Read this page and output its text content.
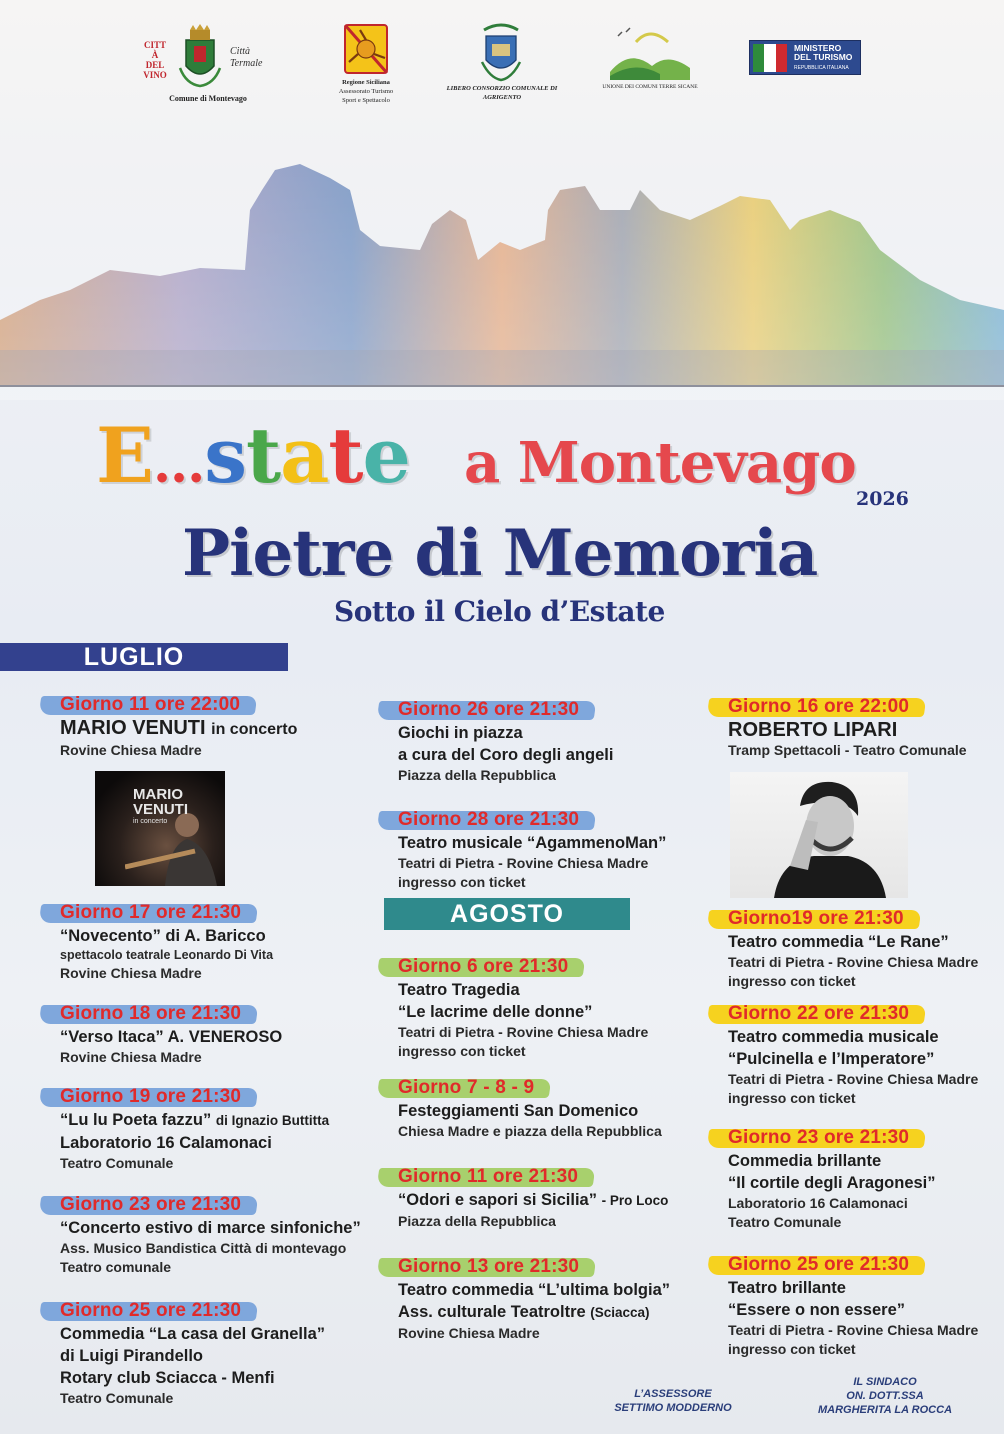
CITTÀ DEL VINO
Città Termale
Comune di Montevago
Regione Siciliana
Assessorato Turismo
Sport e Spettacolo
LIBERO CONSORZIO COMUNALE DI
AGRIGENTO
UNIONE DEI COMUNI TERRE SICANE
MINISTERO
DEL TURISMO
REPUBBLICA ITALIANA
E...state a Montevago
2026
Pietre di Memoria
Sotto il Cielo d’Estate
LUGLIO
AGOSTO
Giorno 11 ore 22:00
MARIO VENUTI in concerto
Rovine Chiesa Madre
MARIO
VENUTI
in concerto
Giorno 17 ore 21:30
“Novecento” di A. Baricco
spettacolo teatrale Leonardo Di Vita
Rovine Chiesa Madre
Giorno 18 ore 21:30
“Verso Itaca” A. VENEROSO
Rovine Chiesa Madre
Giorno 19 ore 21:30
“Lu lu Poeta fazzu” di Ignazio Buttitta
Laboratorio 16 Calamonaci
Teatro Comunale
Giorno 23 ore 21:30
“Concerto estivo di marce sinfoniche”
Ass. Musico Bandistica Città di montevago
Teatro comunale
Giorno 25 ore 21:30
Commedia “La casa del Granella”
di Luigi Pirandello
Rotary club Sciacca - Menfi
Teatro Comunale
Giorno 26 ore 21:30
Giochi in piazza
a cura del Coro degli angeli
Piazza della Repubblica
Giorno 28 ore 21:30
Teatro musicale “AgammenoMan”
Teatri di Pietra - Rovine Chiesa Madre
ingresso con ticket
Giorno 6 ore 21:30
Teatro Tragedia
“Le lacrime delle donne”
Teatri di Pietra - Rovine Chiesa Madre
ingresso con ticket
Giorno 7 - 8 - 9
Festeggiamenti San Domenico
Chiesa Madre e piazza della Repubblica
Giorno 11 ore 21:30
“Odori e sapori si Sicilia” - Pro Loco
Piazza della Repubblica
Giorno 13 ore 21:30
Teatro commedia “L’ultima bolgia”
Ass. culturale Teatroltre (Sciacca)
Rovine Chiesa Madre
Giorno 16 ore 22:00
ROBERTO LIPARI
Tramp Spettacoli - Teatro Comunale
Giorno19 ore 21:30
Teatro commedia “Le Rane”
Teatri di Pietra - Rovine Chiesa Madre
ingresso con ticket
Giorno 22 ore 21:30
Teatro commedia musicale
“Pulcinella e l’Imperatore”
Teatri di Pietra - Rovine Chiesa Madre
ingresso con ticket
Giorno 23 ore 21:30
Commedia brillante
“Il cortile degli Aragonesi”
Laboratorio 16 Calamonaci
Teatro Comunale
Giorno 25 ore 21:30
Teatro brillante
“Essere o non essere”
Teatri di Pietra - Rovine Chiesa Madre
ingresso con ticket
L’ASSESSORE
SETTIMO MODDERNO
IL SINDACO
ON. DOTT.SSA
MARGHERITA LA ROCCA
